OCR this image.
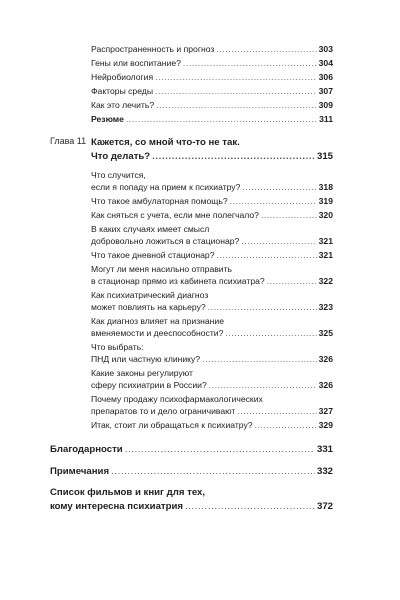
Распространенность и прогноз .....	303
Гены или воспитание? .....	304
Нейробиология .....	306
Факторы среды .....	307
Как это лечить? .....	309
Резюме .....	311
Глава 11 Кажется, со мной что-то не так.
Что делать? .....	315
Что случится,
если я попаду на прием к психиатру? .....	318
Что такое амбулаторная помощь? .....	319
Как сняться с учета, если мне полегчало? .....	320
В каких случаях имеет смысл
добровольно ложиться в стационар? .....	321
Что такое дневной стационар? .....	321
Могут ли меня насильно отправить
в стационар прямо из кабинета психиатра? .....	322
Как психиатрический диагноз
может повлиять на карьеру? .....	323
Как диагноз влияет на признание
вменяемости и дееспособности? .....	325
Что выбрать:
ПНД или частную клинику? .....	326
Какие законы регулируют
сферу психиатрии в России? .....	326
Почему продажу психофармакологических
препаратов то и дело ограничивают .....	327
Итак, стоит ли обращаться к психиатру? .....	329
Благодарности .....	331
Примечания .....	332
Список фильмов и книг для тех,
кому интересна психиатрия .....	372
